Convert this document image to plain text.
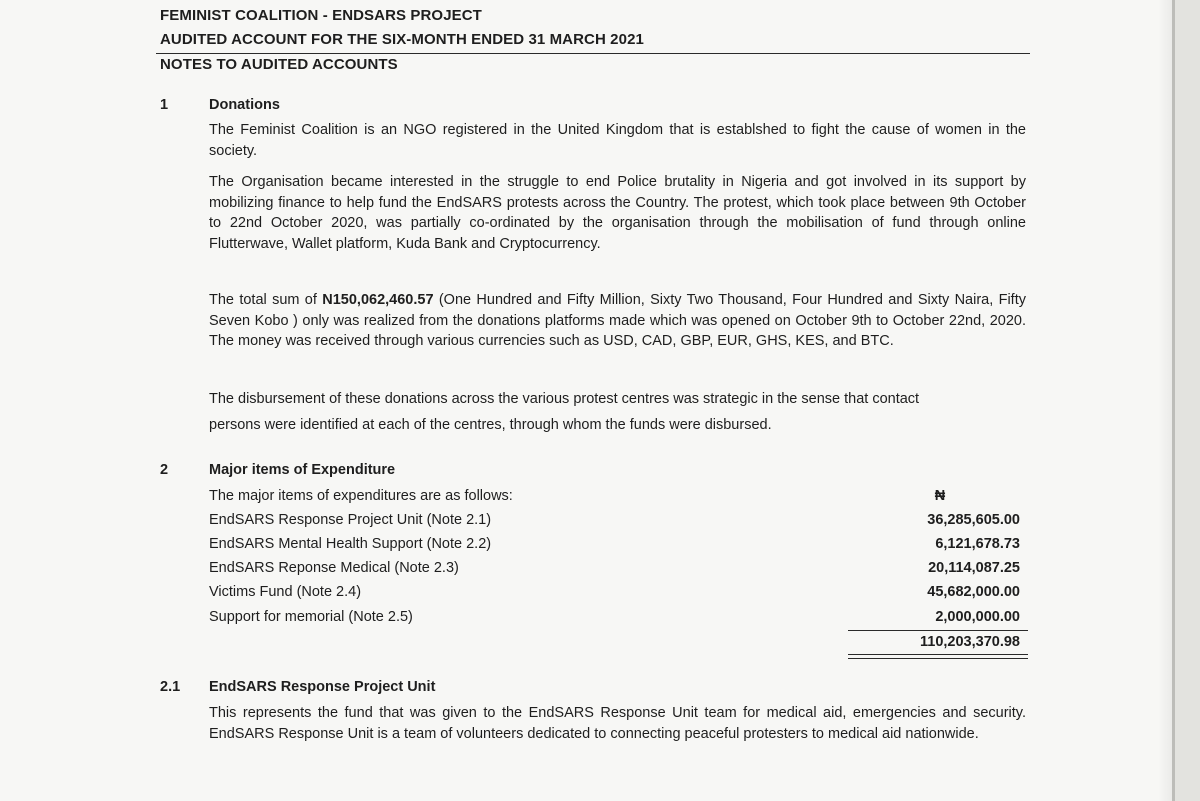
FEMINIST COALITION - ENDSARS PROJECT
AUDITED ACCOUNT FOR THE SIX-MONTH ENDED 31 MARCH 2021
NOTES TO AUDITED ACCOUNTS
1	Donations

The Feminist Coalition is an NGO registered in the United Kingdom that is establshed to fight the cause of women in the society.

The Organisation became interested in the struggle to end Police brutality in Nigeria and got involved in its support by mobilizing finance to help fund the EndSARS protests across the Country. The protest, which took place between 9th October to 22nd October 2020, was partially co-ordinated by the organisation through the mobilisation of fund through online Flutterwave, Wallet platform, Kuda Bank and Cryptocurrency.

The total sum of N150,062,460.57 (One Hundred and Fifty Million, Sixty Two Thousand, Four Hundred and Sixty Naira, Fifty Seven Kobo ) only was realized from the donations platforms made which was opened on October 9th to October 22nd, 2020. The money was received through various currencies such as USD, CAD, GBP, EUR, GHS, KES, and BTC.

The disbursement of these donations across the various protest centres was strategic in the sense that contact
persons were identified at each of the centres, through whom the funds were disbursed.
2	Major items of Expenditure
The major items of expenditures are as follows:	₦
EndSARS Response Project Unit (Note 2.1)	36,285,605.00
EndSARS Mental Health Support (Note 2.2)	6,121,678.73
EndSARS Reponse Medical (Note 2.3)	20,114,087.25
Victims Fund (Note 2.4)	45,682,000.00
Support for memorial (Note 2.5)	2,000,000.00
110,203,370.98
2.1 EndSARS Response Project Unit

This represents the fund that was given to the EndSARS Response Unit team for medical aid, emergencies and security. EndSARS Response Unit is a team of volunteers dedicated to connecting peaceful protesters to medical aid nationwide.
